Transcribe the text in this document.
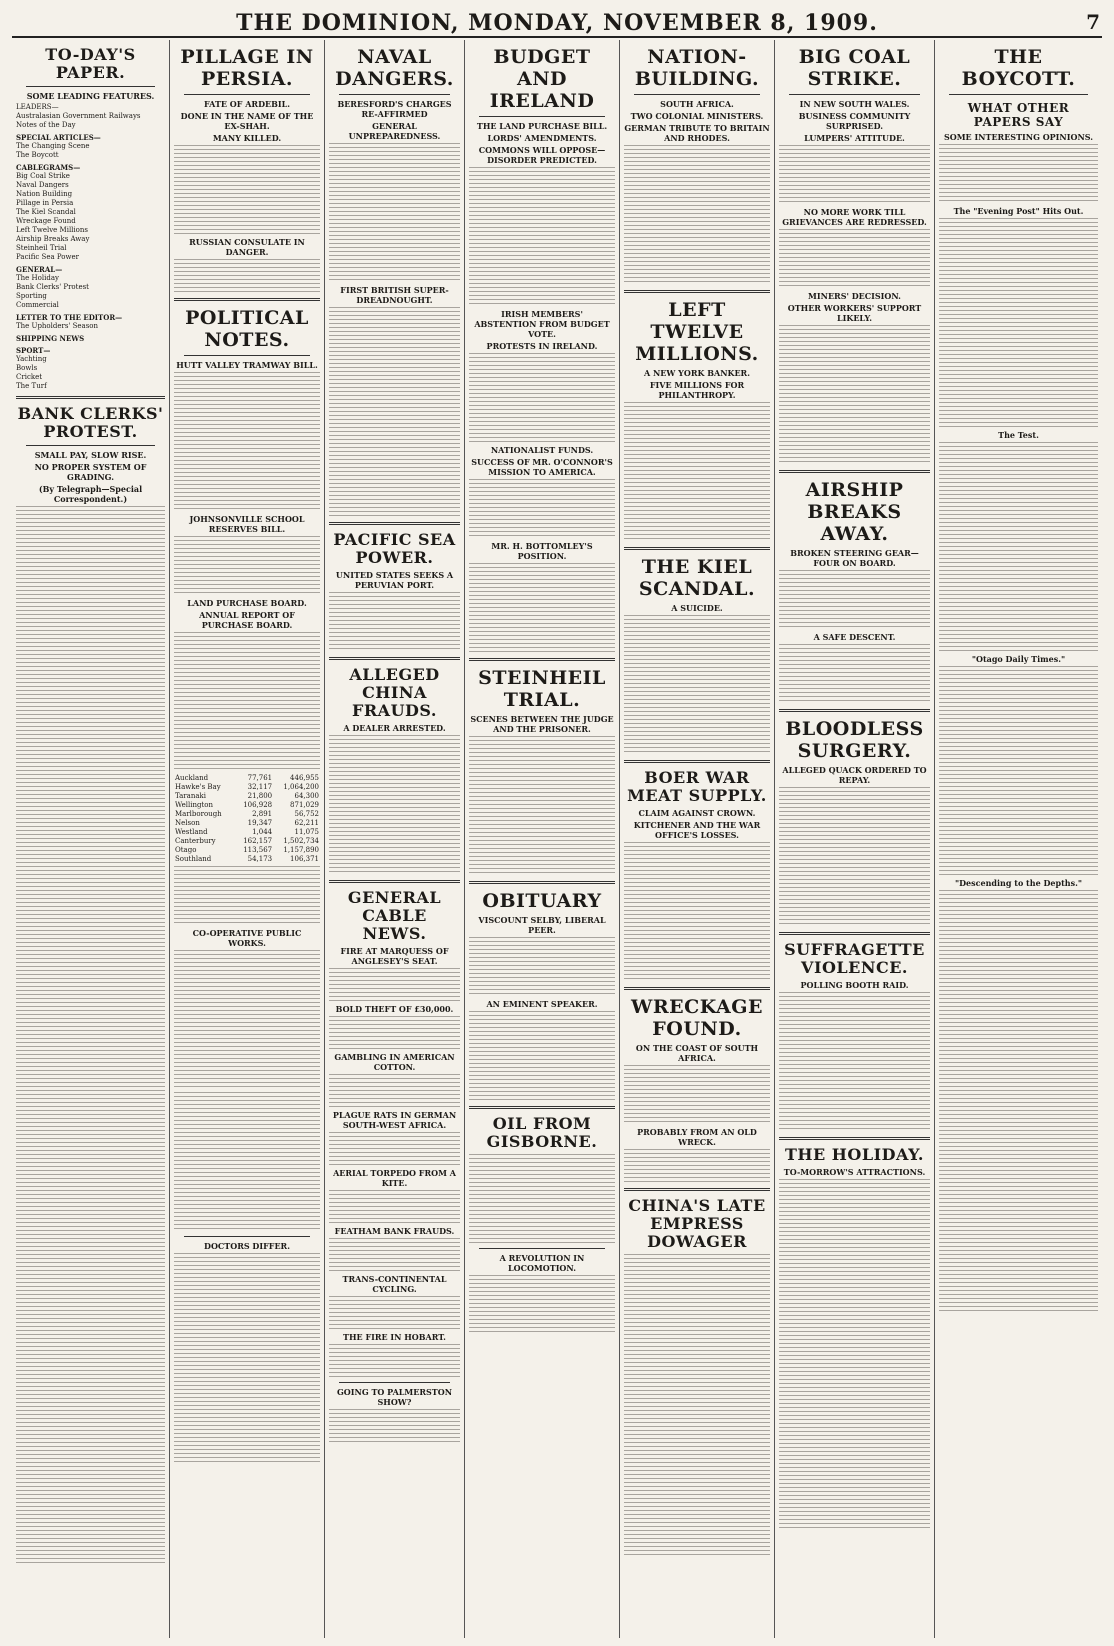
THE DOMINION, MONDAY, NOVEMBER 8, 1909.	7
TO-DAY'S PAPER.
SOME LEADING FEATURES.
LEADERS—
Australasian Government Railways
Notes of the Day
SPECIAL ARTICLES—
The Changing Scene
The Boycott
CABLEGRAMS—
Big Coal Strike
Naval Dangers
Nation Building
Pillage in Persia
The Kiel Scandal
Wreckage Found
Left Twelve Millions
Airship Breaks Away
Steinheil Trial
Pacific Sea Power
GENERAL—
The Holiday
Bank Clerks' Protest
Sporting
Commercial
LETTER TO THE EDITOR—
The Upholders' Season
SHIPPING NEWS
SPORT—
Yachting
Bowls
Cricket
The Turf
BANK CLERKS' PROTEST.
SMALL PAY, SLOW RISE.
NO PROPER SYSTEM OF GRADING.
(By Telegraph—Special Correspondent.)
PILLAGE IN PERSIA.
FATE OF ARDEBIL.
DONE IN THE NAME OF THE EX-SHAH.
MANY KILLED.
RUSSIAN CONSULATE IN DANGER.
POLITICAL NOTES.
HUTT VALLEY TRAMWAY BILL.
JOHNSONVILLE SCHOOL RESERVES BILL.
LAND PURCHASE BOARD.
ANNUAL REPORT OF PURCHASE BOARD.
Auckland	77,761	446,955
Hawke's Bay	32,117	1,064,200
Taranaki	21,800	64,300
Wellington	106,928	871,029
Marlborough	2,891	56,752
Nelson	19,347	62,211
Westland	1,044	11,075
Canterbury	162,157	1,502,734
Otago	113,567	1,157,890
Southland	54,173	106,371
CO-OPERATIVE PUBLIC WORKS.
DOCTORS DIFFER.
NAVAL DANGERS.
BERESFORD'S CHARGES RE-AFFIRMED
GENERAL UNPREPAREDNESS.
FIRST BRITISH SUPER-DREADNOUGHT.
PACIFIC SEA POWER.
UNITED STATES SEEKS A PERUVIAN PORT.
ALLEGED CHINA FRAUDS.
A DEALER ARRESTED.
GENERAL CABLE NEWS.
FIRE AT MARQUESS OF ANGLESEY'S SEAT.
BOLD THEFT OF £30,000.
GAMBLING IN AMERICAN COTTON.
PLAGUE RATS IN GERMAN SOUTH-WEST AFRICA.
AERIAL TORPEDO FROM A KITE.
FEATHAM BANK FRAUDS.
TRANS-CONTINENTAL CYCLING.
THE FIRE IN HOBART.
GOING TO PALMERSTON SHOW?
BUDGET AND IRELAND
THE LAND PURCHASE BILL.
LORDS' AMENDMENTS.
COMMONS WILL OPPOSE—DISORDER PREDICTED.
IRISH MEMBERS' ABSTENTION FROM BUDGET VOTE.
PROTESTS IN IRELAND.
NATIONALIST FUNDS.
SUCCESS OF MR. O'CONNOR'S MISSION TO AMERICA.
MR. H. BOTTOMLEY'S POSITION.
STEINHEIL TRIAL.
SCENES BETWEEN THE JUDGE AND THE PRISONER.
OBITUARY
VISCOUNT SELBY, LIBERAL PEER.
AN EMINENT SPEAKER.
OIL FROM GISBORNE.
A REVOLUTION IN LOCOMOTION.
NATION-BUILDING.
SOUTH AFRICA.
TWO COLONIAL MINISTERS.
GERMAN TRIBUTE TO BRITAIN AND RHODES.
LEFT TWELVE MILLIONS.
A NEW YORK BANKER.
FIVE MILLIONS FOR PHILANTHROPY.
THE KIEL SCANDAL.
A SUICIDE.
BOER WAR MEAT SUPPLY.
CLAIM AGAINST CROWN.
KITCHENER AND THE WAR OFFICE'S LOSSES.
WRECKAGE FOUND.
ON THE COAST OF SOUTH AFRICA.
PROBABLY FROM AN OLD WRECK.
CHINA'S LATE EMPRESS DOWAGER
BIG COAL STRIKE.
IN NEW SOUTH WALES.
BUSINESS COMMUNITY SURPRISED.
LUMPERS' ATTITUDE.
NO MORE WORK TILL GRIEVANCES ARE REDRESSED.
MINERS' DECISION.
OTHER WORKERS' SUPPORT LIKELY.
AIRSHIP BREAKS AWAY.
BROKEN STEERING GEAR—FOUR ON BOARD.
A SAFE DESCENT.
BLOODLESS SURGERY.
ALLEGED QUACK ORDERED TO REPAY.
SUFFRAGETTE VIOLENCE.
POLLING BOOTH RAID.
THE HOLIDAY.
TO-MORROW'S ATTRACTIONS.
THE BOYCOTT.
WHAT OTHER PAPERS SAY
SOME INTERESTING OPINIONS.
The "Evening Post" Hits Out.
The Test.
"Otago Daily Times."
"Descending to the Depths."
